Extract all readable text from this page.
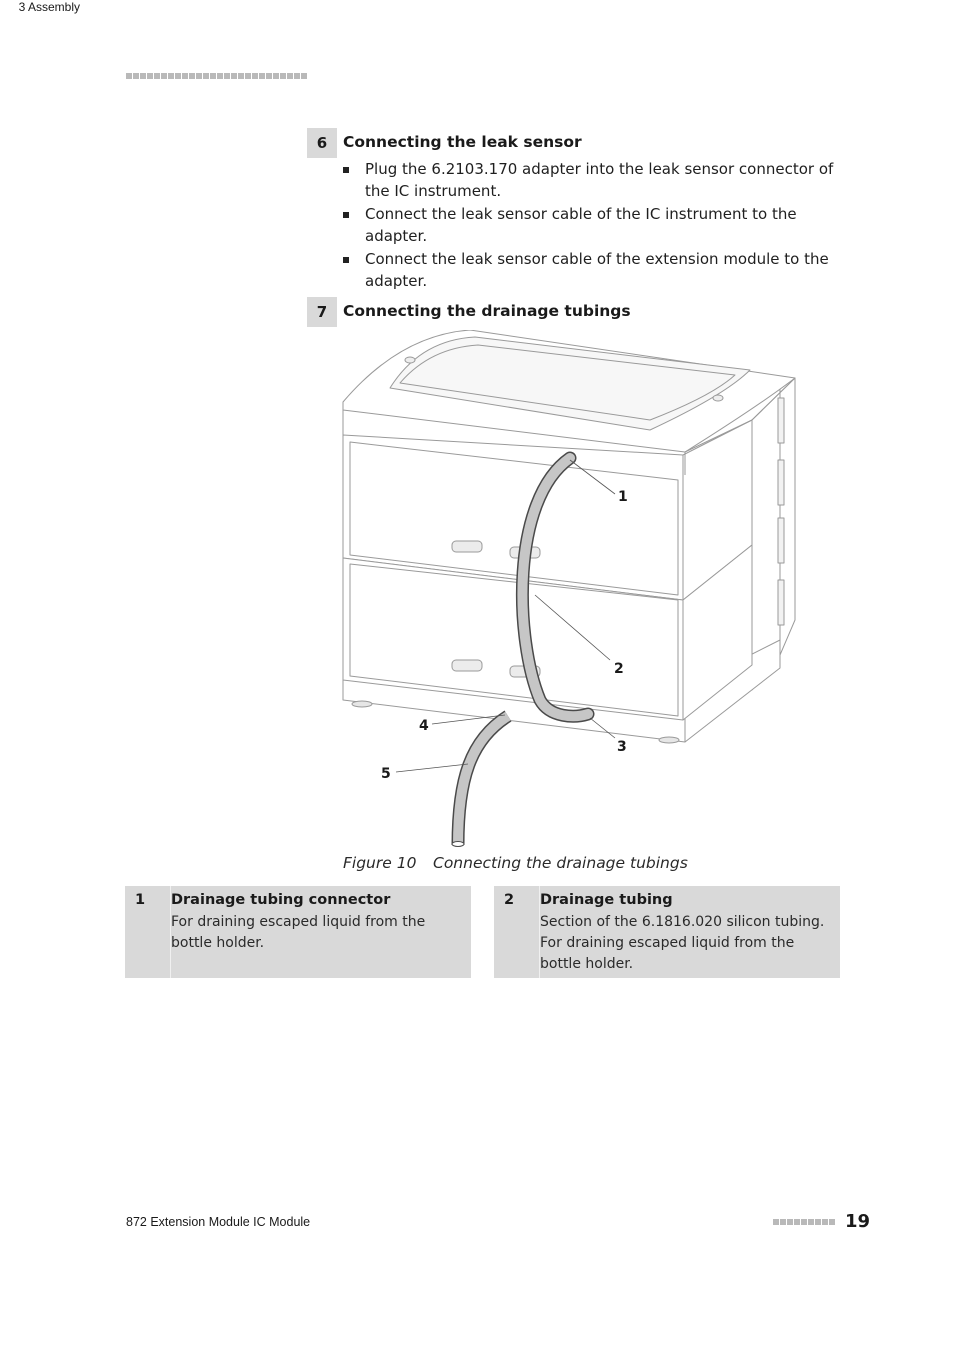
3 Assembly
6	Connecting the leak sensor
Plug the 6.2103.170 adapter into the leak sensor connector of the IC instrument.
Connect the leak sensor cable of the IC instrument to the adapter.
Connect the leak sensor cable of the extension module to the adapter.
7	Connecting the drainage tubings
1
2
3
4
5
Figure 10 Connecting the drainage tubings
1 Drainage tubing connector
For draining escaped liquid from the bottle holder.
2 Drainage tubing
Section of the 6.1816.020 silicon tubing. For draining escaped liquid from the bottle holder.
872 Extension Module IC Module	19
